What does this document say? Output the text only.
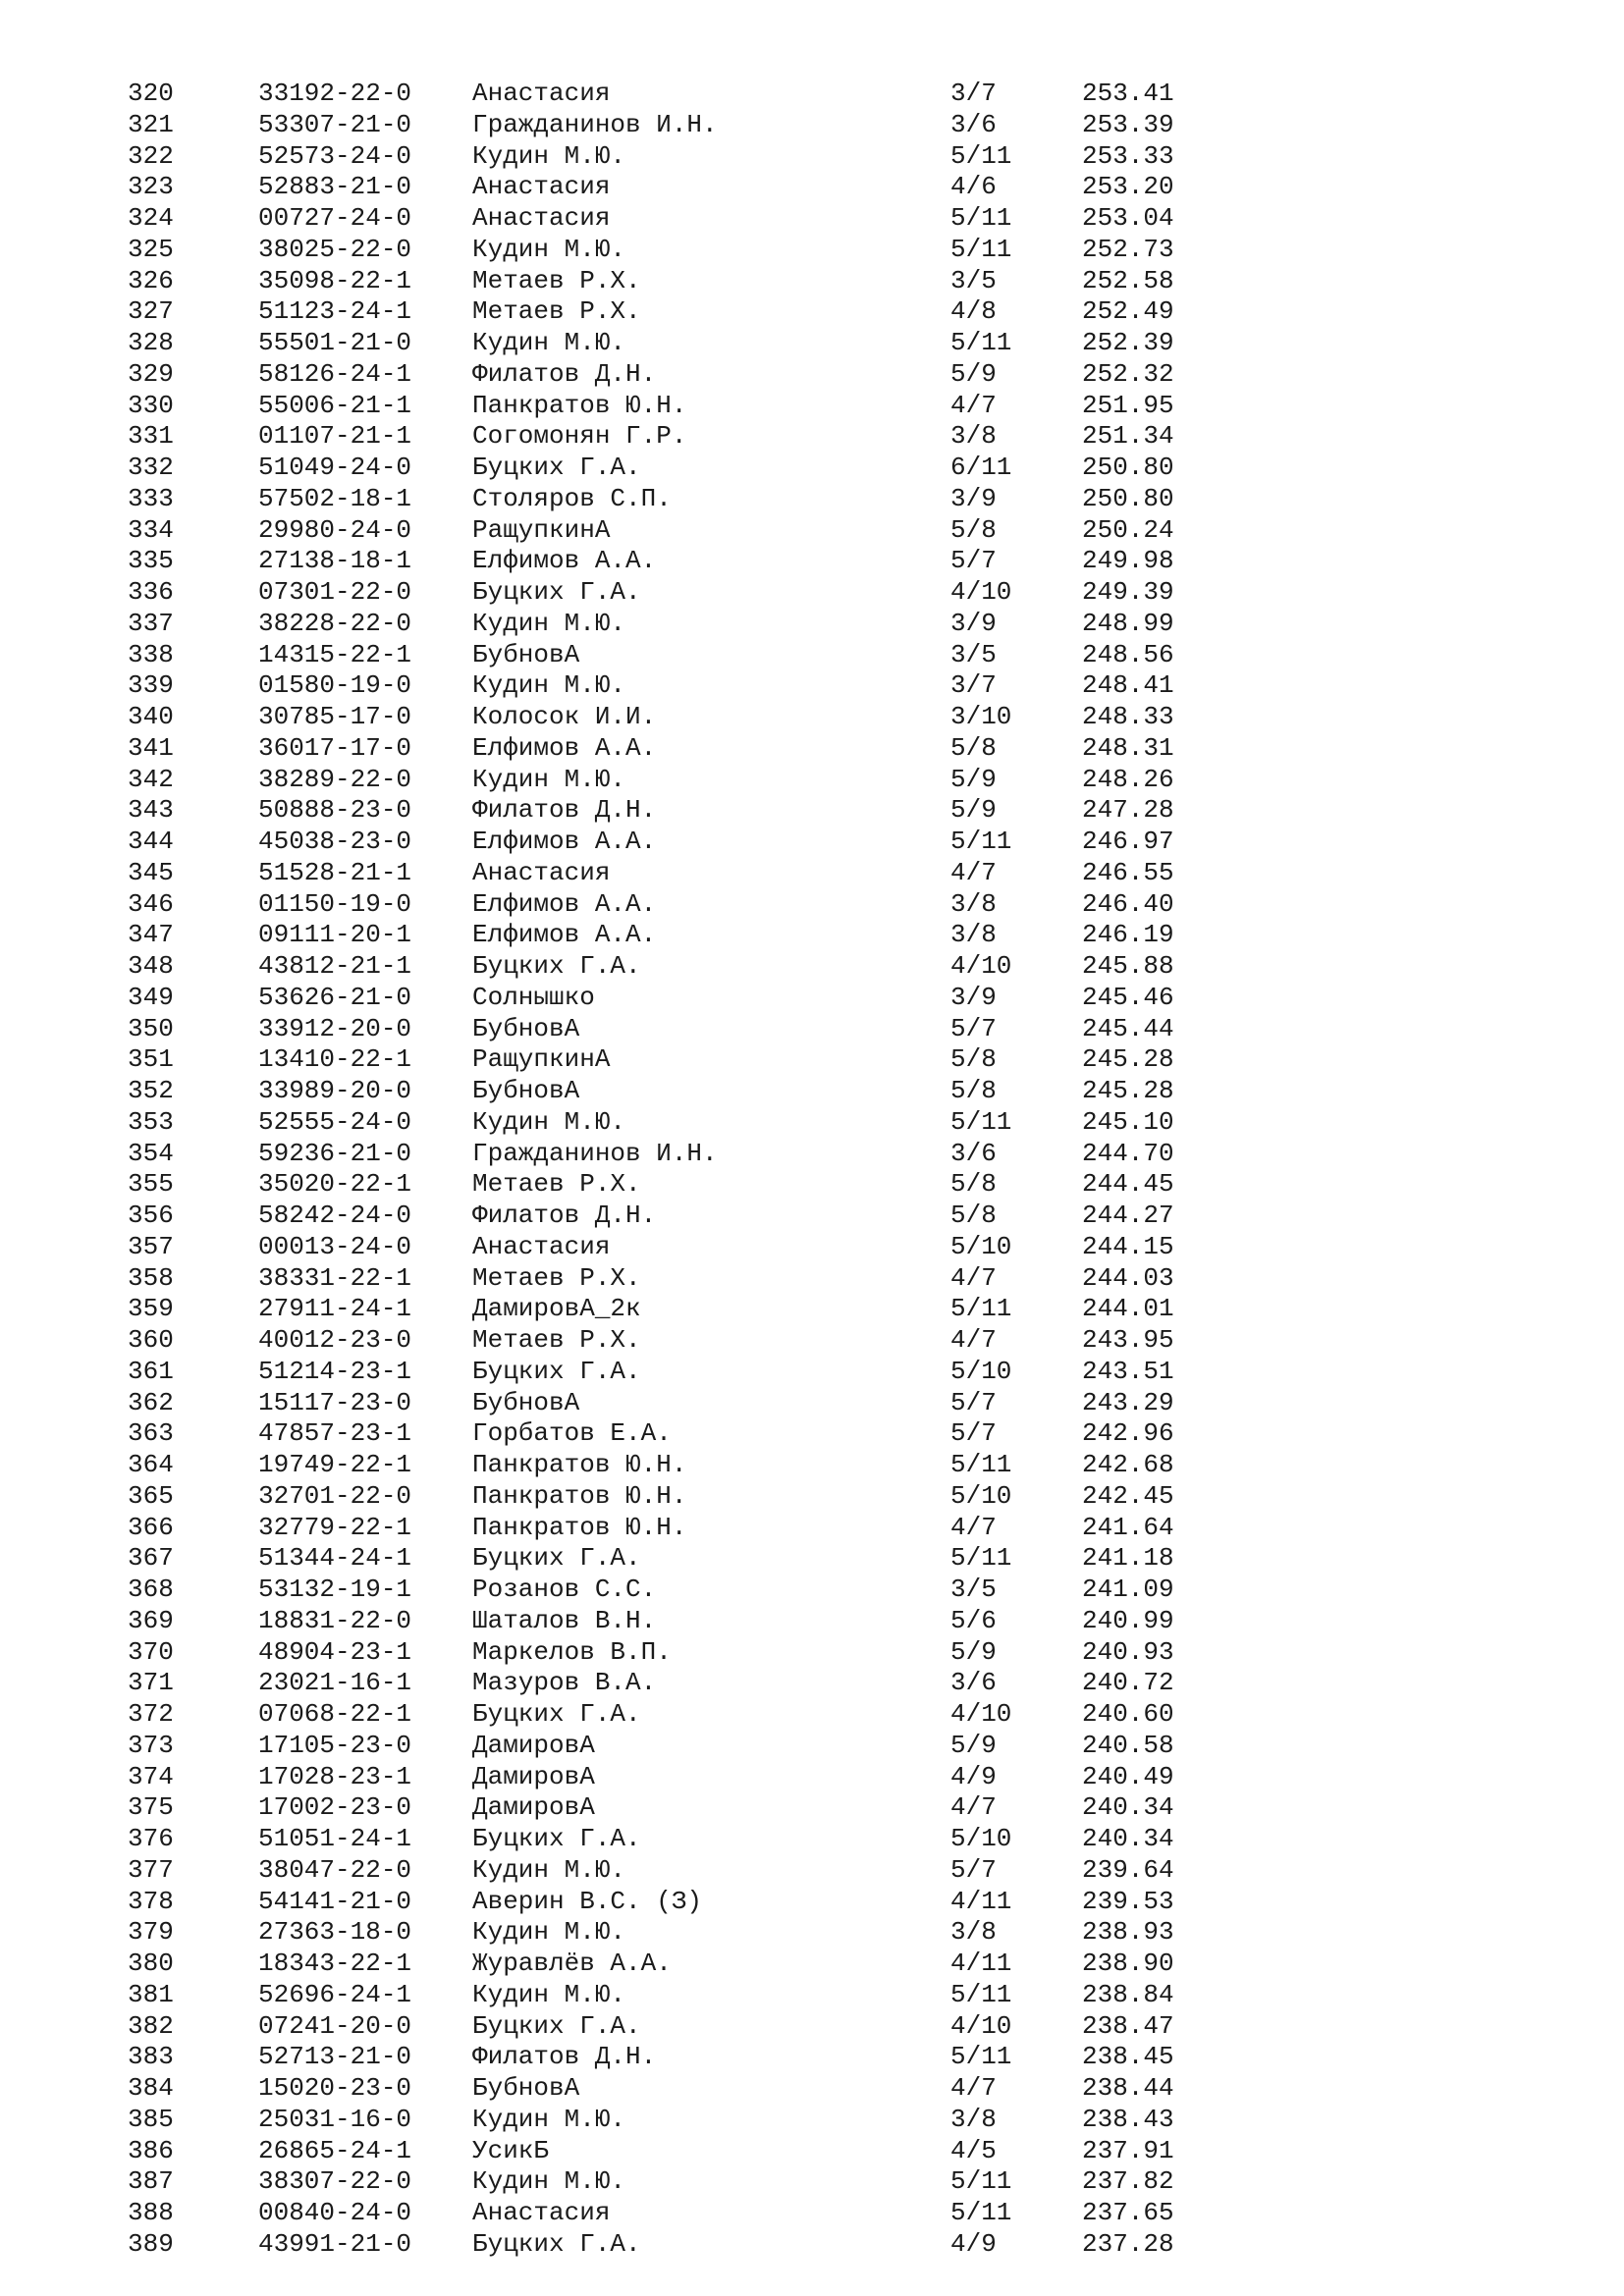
320	33192-22-0 Анастасия	3/7	253.41
321	53307-21-0 Гражданинов И.Н.	3/6	253.39
322	52573-24-0 Кудин М.Ю.	5/11	253.33
323	52883-21-0 Анастасия	4/6	253.20
324	00727-24-0 Анастасия	5/11	253.04
325	38025-22-0 Кудин М.Ю.	5/11	252.73
326	35098-22-1 Метаев Р.Х.	3/5	252.58
327	51123-24-1 Метаев Р.Х.	4/8	252.49
328	55501-21-0 Кудин М.Ю.	5/11	252.39
329	58126-24-1 Филатов Д.Н.	5/9	252.32
330	55006-21-1 Панкратов Ю.Н.	4/7	251.95
331	01107-21-1 Согомонян Г.Р.	3/8	251.34
332	51049-24-0 Буцких Г.А.	6/11	250.80
333	57502-18-1 Столяров С.П.	3/9	250.80
334	29980-24-0 РащупкинА	5/8	250.24
335	27138-18-1 Елфимов А.А.	5/7	249.98
336	07301-22-0 Буцких Г.А.	4/10	249.39
337	38228-22-0 Кудин М.Ю.	3/9	248.99
338	14315-22-1 БубновА	3/5	248.56
339	01580-19-0 Кудин М.Ю.	3/7	248.41
340	30785-17-0 Колосок И.И.	3/10	248.33
341	36017-17-0 Елфимов А.А.	5/8	248.31
342	38289-22-0 Кудин М.Ю.	5/9	248.26
343	50888-23-0 Филатов Д.Н.	5/9	247.28
344	45038-23-0 Елфимов А.А.	5/11	246.97
345	51528-21-1 Анастасия	4/7	246.55
346	01150-19-0 Елфимов А.А.	3/8	246.40
347	09111-20-1 Елфимов А.А.	3/8	246.19
348	43812-21-1 Буцких Г.А.	4/10	245.88
349	53626-21-0 Солнышко	3/9	245.46
350	33912-20-0 БубновА	5/7	245.44
351	13410-22-1 РащупкинА	5/8	245.28
352	33989-20-0 БубновА	5/8	245.28
353	52555-24-0 Кудин М.Ю.	5/11	245.10
354	59236-21-0 Гражданинов И.Н.	3/6	244.70
355	35020-22-1 Метаев Р.Х.	5/8	244.45
356	58242-24-0 Филатов Д.Н.	5/8	244.27
357	00013-24-0 Анастасия	5/10	244.15
358	38331-22-1 Метаев Р.Х.	4/7	244.03
359	27911-24-1 ДамировА_2к	5/11	244.01
360	40012-23-0 Метаев Р.Х.	4/7	243.95
361	51214-23-1 Буцких Г.А.	5/10	243.51
362	15117-23-0 БубновА	5/7	243.29
363	47857-23-1 Горбатов Е.А.	5/7	242.96
364	19749-22-1 Панкратов Ю.Н.	5/11	242.68
365	32701-22-0 Панкратов Ю.Н.	5/10	242.45
366	32779-22-1 Панкратов Ю.Н.	4/7	241.64
367	51344-24-1 Буцких Г.А.	5/11	241.18
368	53132-19-1 Розанов С.С.	3/5	241.09
369	18831-22-0 Шаталов В.Н.	5/6	240.99
370	48904-23-1 Маркелов В.П.	5/9	240.93
371	23021-16-1 Мазуров В.А.	3/6	240.72
372	07068-22-1 Буцких Г.А.	4/10	240.60
373	17105-23-0 ДамировА	5/9	240.58
374	17028-23-1 ДамировА	4/9	240.49
375	17002-23-0 ДамировА	4/7	240.34
376	51051-24-1 Буцких Г.А.	5/10	240.34
377	38047-22-0 Кудин М.Ю.	5/7	239.64
378	54141-21-0 Аверин В.С. (З)	4/11	239.53
379	27363-18-0 Кудин М.Ю.	3/8	238.93
380	18343-22-1 Журавлёв А.А.	4/11	238.90
381	52696-24-1 Кудин М.Ю.	5/11	238.84
382	07241-20-0 Буцких Г.А.	4/10	238.47
383	52713-21-0 Филатов Д.Н.	5/11	238.45
384	15020-23-0 БубновА	4/7	238.44
385	25031-16-0 Кудин М.Ю.	3/8	238.43
386	26865-24-1 УсикБ	4/5	237.91
387	38307-22-0 Кудин М.Ю.	5/11	237.82
388	00840-24-0 Анастасия	5/11	237.65
389	43991-21-0 Буцких Г.А.	4/9	237.28
